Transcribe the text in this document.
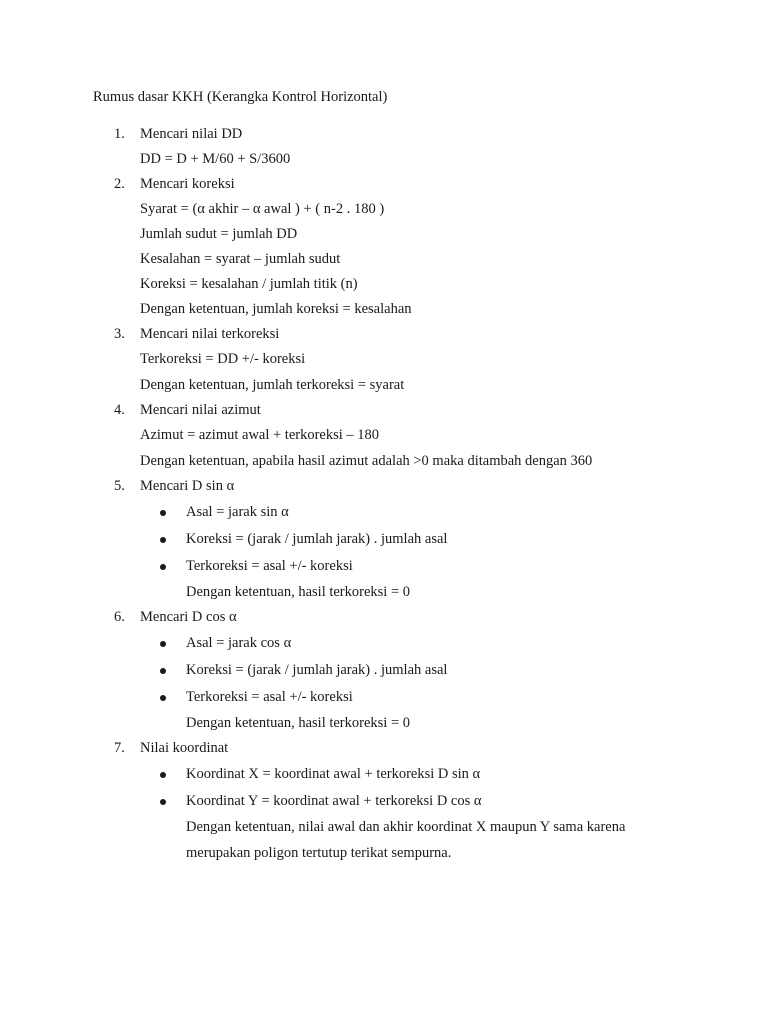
Rumus dasar KKH (Kerangka Kontrol Horizontal)
1. Mencari nilai DD
DD = D + M/60 + S/3600
2. Mencari koreksi
Syarat = (α akhir – α awal ) + ( n-2 . 180 )
Jumlah sudut = jumlah DD
Kesalahan = syarat – jumlah sudut
Koreksi = kesalahan / jumlah titik (n)
Dengan ketentuan, jumlah koreksi = kesalahan
3. Mencari nilai terkoreksi
Terkoreksi = DD +/- koreksi
Dengan ketentuan, jumlah terkoreksi = syarat
4. Mencari nilai azimut
Azimut = azimut awal + terkoreksi – 180
Dengan ketentuan, apabila hasil azimut adalah >0 maka ditambah dengan 360
5. Mencari D sin α
Asal = jarak sin α
Koreksi = (jarak / jumlah jarak) . jumlah asal
Terkoreksi = asal +/- koreksi
Dengan ketentuan, hasil terkoreksi = 0
6. Mencari D cos α
Asal = jarak cos α
Koreksi = (jarak / jumlah jarak) . jumlah asal
Terkoreksi = asal +/- koreksi
Dengan ketentuan, hasil terkoreksi = 0
7. Nilai koordinat
Koordinat X = koordinat awal + terkoreksi D sin α
Koordinat Y = koordinat awal + terkoreksi D cos α
Dengan ketentuan, nilai awal dan akhir koordinat X maupun Y sama karena
merupakan poligon tertutup terikat sempurna.
